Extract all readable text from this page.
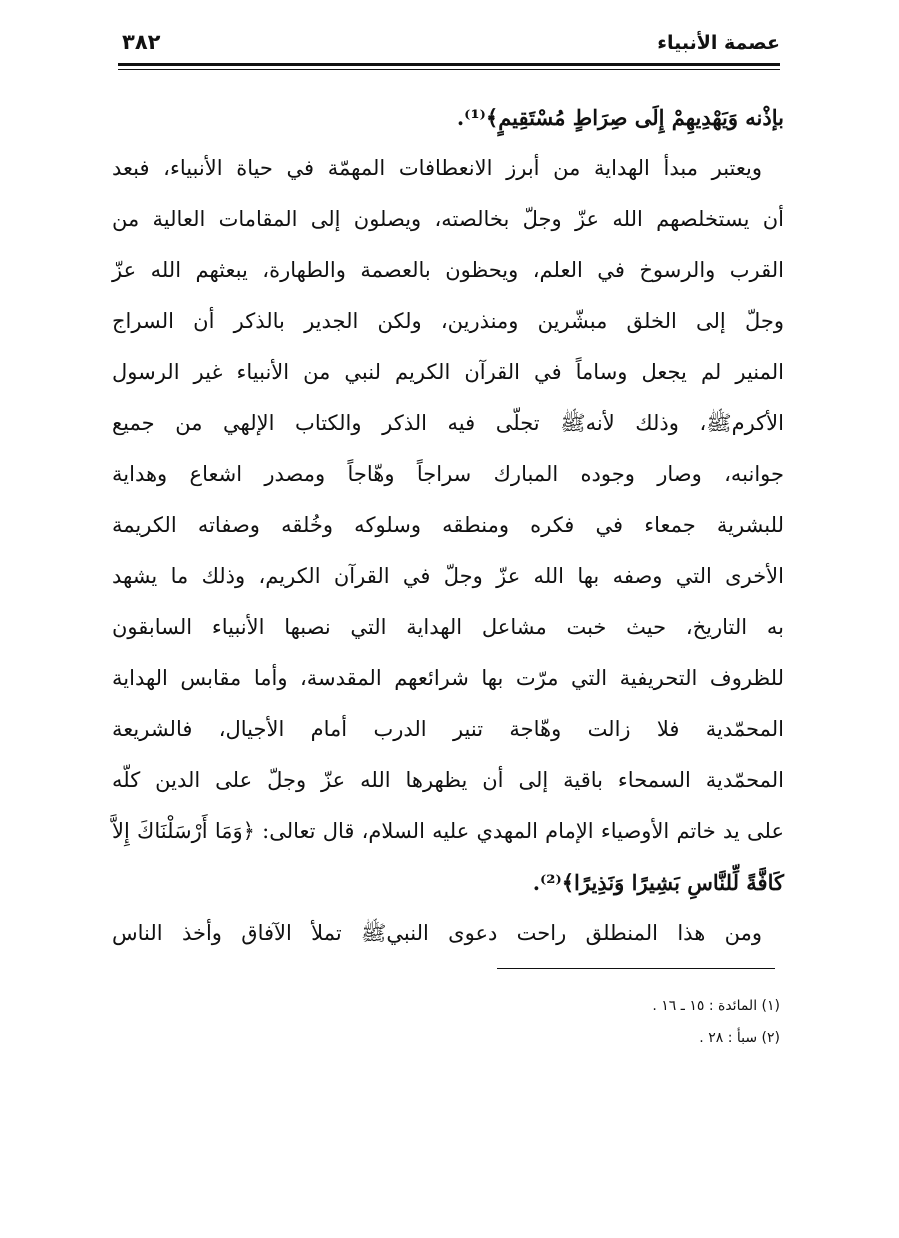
عصمة الأنبياء
٣٨٢
بإذْنه وَيَهْدِيهِمْ إِلَى صِرَاطٍ مُسْتَقِيمٍ﴾⁽¹⁾.
ويعتبر مبدأ الهداية من أبرز الانعطافات المهمّة في حياة الأنبياء، فبعد
أن يستخلصهم الله عزّ وجلّ بخالصته، ويصلون إلى المقامات العالية من
القرب والرسوخ في العلم، ويحظون بالعصمة والطهارة، يبعثهم الله عزّ
وجلّ إلى الخلق مبشّرين ومنذرين، ولكن الجدير بالذكر أن السراج
المنير لم يجعل وساماً في القرآن الكريم لنبي من الأنبياء غير الرسول
الأكرمﷺ، وذلك لأنهﷺ تجلّى فيه الذكر والكتاب الإلهي من جميع
جوانبه، وصار وجوده المبارك سراجاً وهّاجاً ومصدر اشعاع وهداية
للبشرية جمعاء في فكره ومنطقه وسلوكه وخُلقه وصفاته الكريمة
الأخرى التي وصفه بها الله عزّ وجلّ في القرآن الكريم، وذلك ما يشهد
به التاريخ، حيث خبت مشاعل الهداية التي نصبها الأنبياء السابقون
للظروف التحريفية التي مرّت بها شرائعهم المقدسة، وأما مقابس الهداية
المحمّدية فلا زالت وهّاجة تنير الدرب أمام الأجيال، فالشريعة
المحمّدية السمحاء باقية إلى أن يظهرها الله عزّ وجلّ على الدين كلّه
على يد خاتم الأوصياء الإمام المهدي عليه السلام، قال تعالى: ﴿وَمَا أَرْسَلْنَاكَ إِلاَّ
كَافَّةً لِّلنَّاسِ بَشِيرًا وَنَذِيرًا﴾⁽²⁾.
ومن هذا المنطلق راحت دعوى النبيﷺ تملأ الآفاق وأخذ الناس
(١) المائدة : ١٥ ـ ١٦ .
(٢) سبأ : ٢٨ .
